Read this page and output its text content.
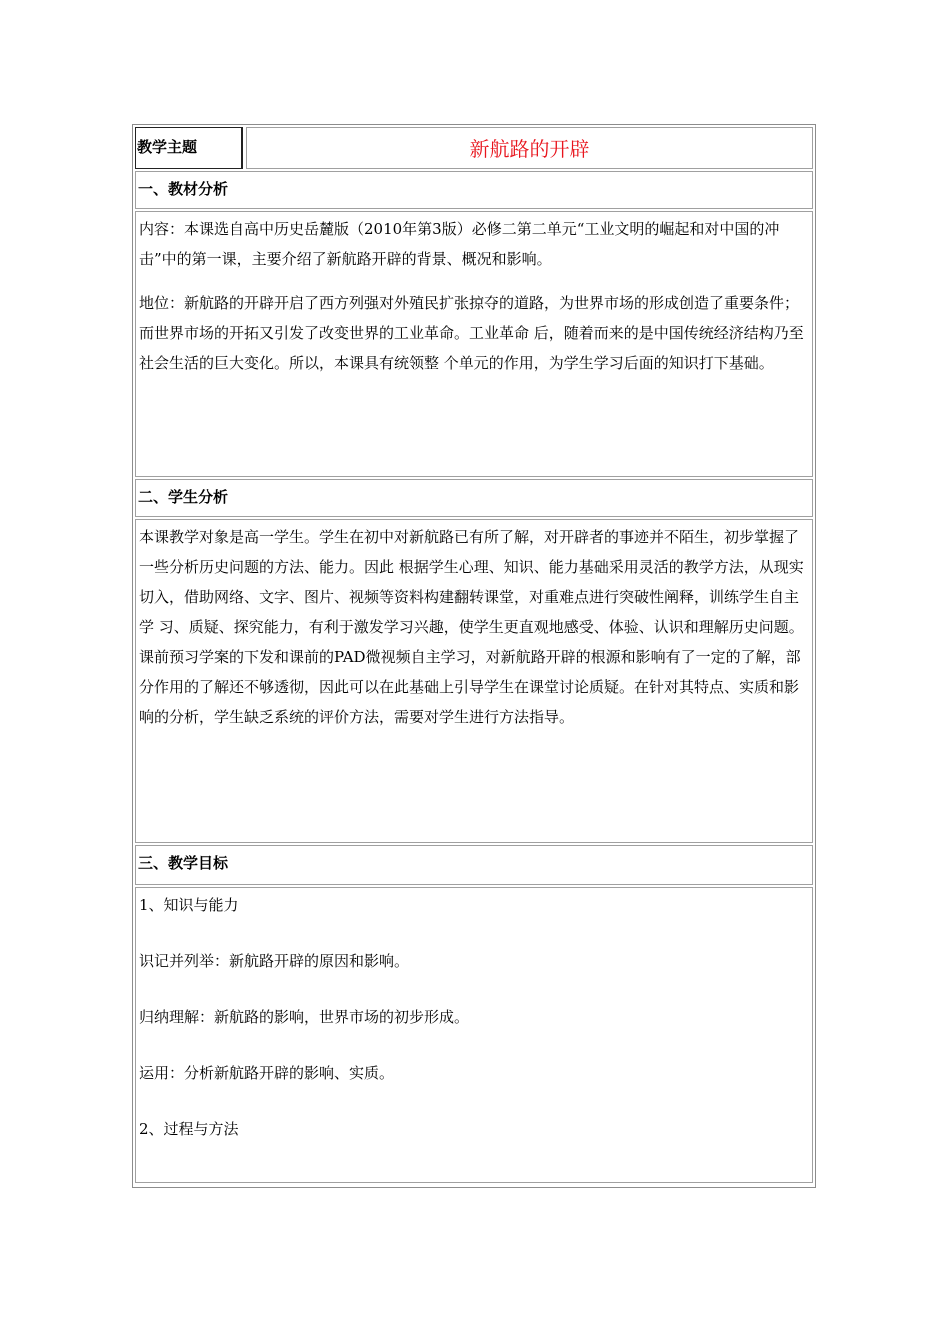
教学主题	新航路的开辟
一、教材分析

内容：本课选自高中历史岳麓版（2010年第3版）必修二第二单元“工业文明的崛起和对中国的冲击”中的第一课，主要介绍了新航路开辟的背景、概况和影响。

地位：新航路的开辟开启了西方列强对外殖民扩张掠夺的道路，为世界市场的形成创造了重要条件；而世界市场的开拓又引发了改变世界的工业革命。工业革命 后，随着而来的是中国传统经济结构乃至社会生活的巨大变化。所以，本课具有统领整 个单元的作用，为学生学习后面的知识打下基础。

二、学生分析

本课教学对象是高一学生。学生在初中对新航路已有所了解，对开辟者的事迹并不陌生，初步掌握了一些分析历史问题的方法、能力。因此 根据学生心理、知识、能力基础采用灵活的教学方法，从现实切入，借助网络、文字、图片、视频等资料构建翻转课堂，对重难点进行突破性阐释，训练学生自主学 习、质疑、探究能力，有利于激发学习兴趣，使学生更直观地感受、体验、认识和理解历史问题。

课前预习学案的下发和课前的PAD微视频自主学习，对新航路开辟的根源和影响有了一定的了解，部分作用的了解还不够透彻，因此可以在此基础上引导学生在课堂讨论质疑。在针对其特点、实质和影响的分析，学生缺乏系统的评价方法，需要对学生进行方法指导。

三、教学目标

1、知识与能力

识记并列举：新航路开辟的原因和影响。

归纳理解：新航路的影响，世界市场的初步形成。

运用：分析新航路开辟的影响、实质。

2、过程与方法
